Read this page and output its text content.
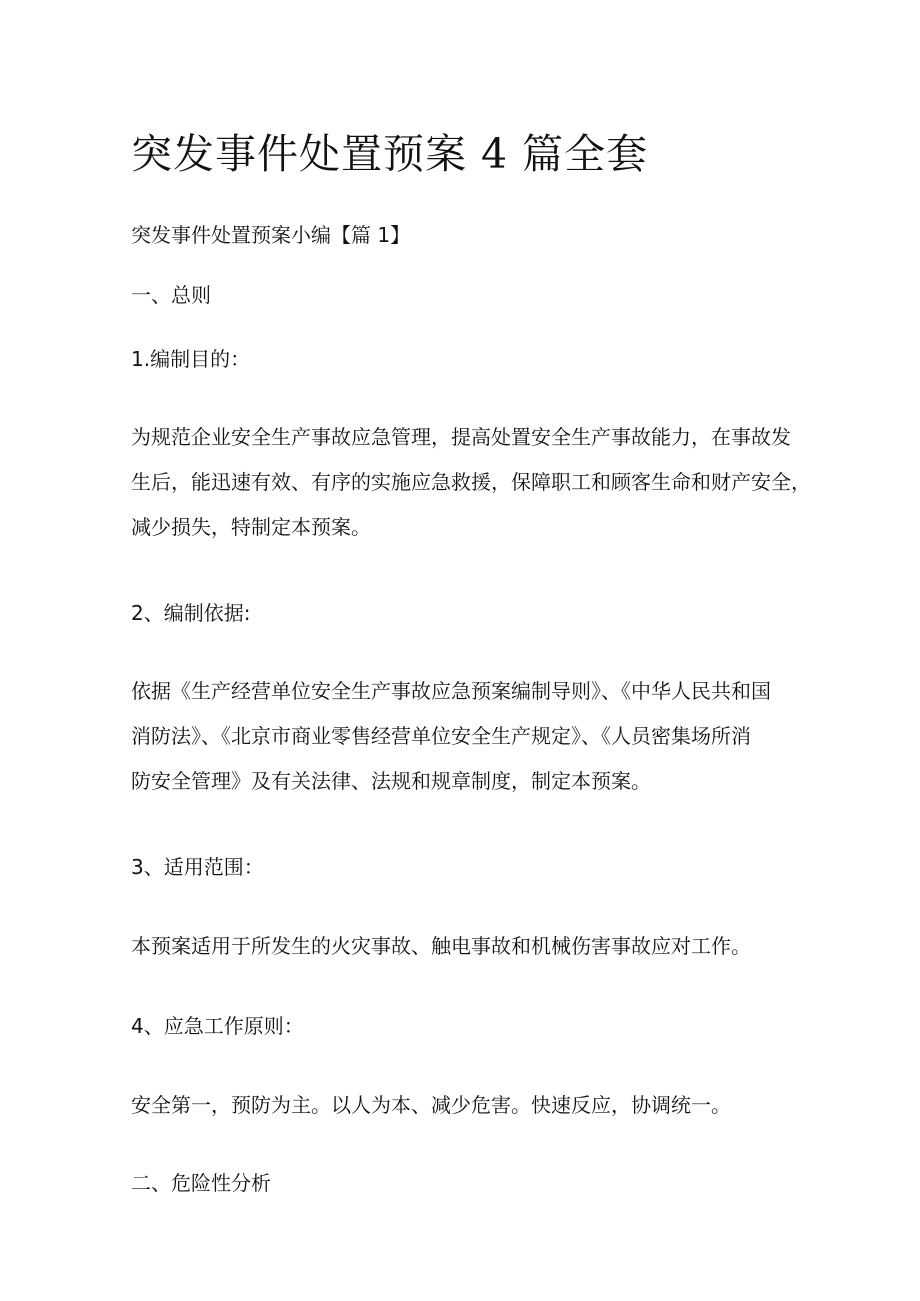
突发事件处置预案 4 篇全套

突发事件处置预案小编【篇 1】

一、总则

1.编制目的：

为规范企业安全生产事故应急管理，提高处置安全生产事故能力，在事故发
生后，能迅速有效、有序的实施应急救援，保障职工和顾客生命和财产安全，
减少损失，特制定本预案。

2、编制依据:

依据《生产经营单位安全生产事故应急预案编制导则》、《中华人民共和国
消防法》、《北京市商业零售经营单位安全生产规定》、《人员密集场所消
防安全管理》及有关法律、法规和规章制度，制定本预案。

3、适用范围：

本预案适用于所发生的火灾事故、触电事故和机械伤害事故应对工作。

4、应急工作原则：

安全第一，预防为主。以人为本、减少危害。快速反应，协调统一。

二、危险性分析
